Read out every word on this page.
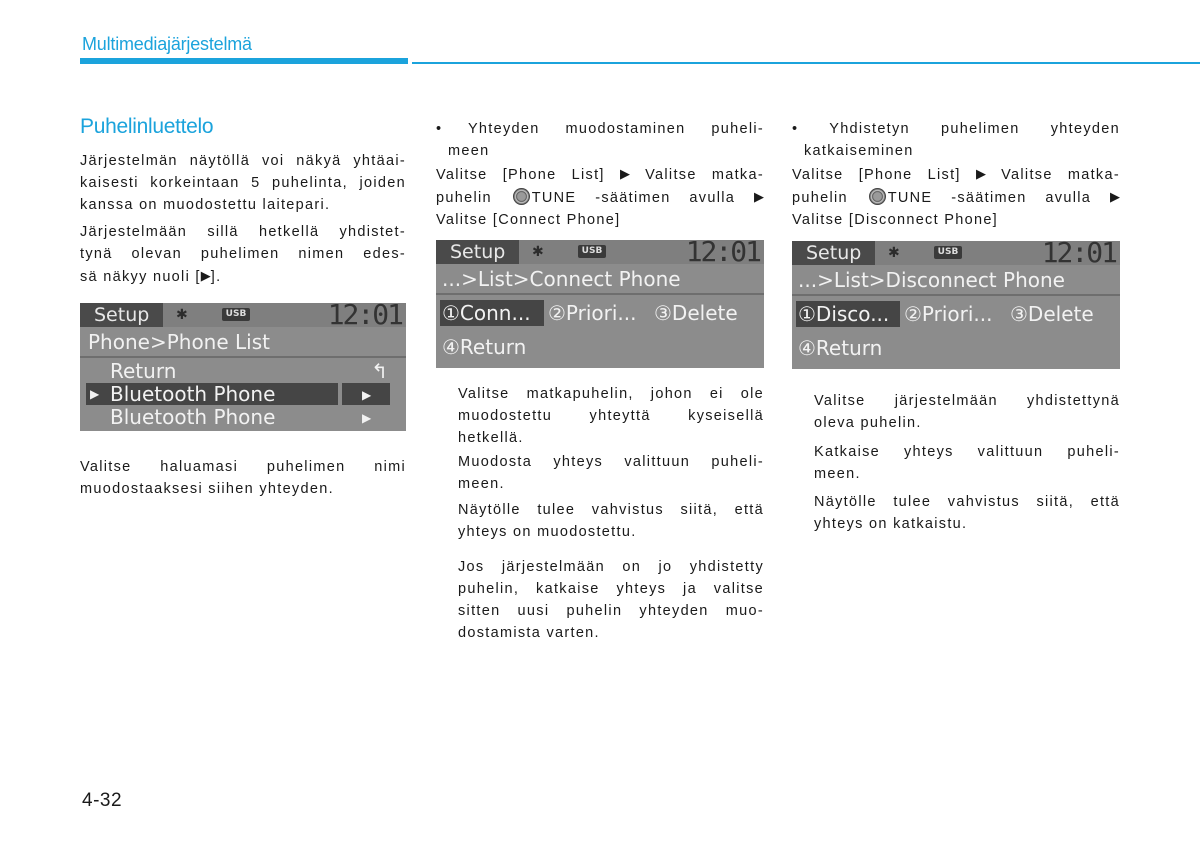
Multimediajärjestelmä
Puhelinluettelo

Järjestelmän näytöllä voi näkyä yhtäai-

kaisesti korkeintaan 5 puhelinta, joiden

kanssa on muodostettu laitepari.

Järjestelmään sillä hetkellä yhdistet-

tynä olevan puhelimen nimen edes-

sä näkyy nuoli [▶].

Setup	✱	USB	12:01
Phone>Phone List
Return	↰
▶ Bluetooth Phone	▶
Bluetooth Phone	▶

Valitse haluamasi puhelimen nimi

muodostaaksesi siihen yhteyden.

• Yhteyden muodostaminen puheli-

meen

Valitse [Phone List] ▶ Valitse matka-

puhelin	TUNE -säätimen avulla ▶

Valitse [Connect Phone]

Setup	✱	USB	12:01
...>List>Connect Phone
①Conn... ②Priori... ③Delete
④Return

Valitse matkapuhelin, johon ei ole

muodostettu yhteyttä kyseisellä

hetkellä.

Muodosta yhteys valittuun puheli-

meen.

Näytölle tulee vahvistus siitä, että

yhteys on muodostettu.

Jos järjestelmään on jo yhdistetty

puhelin, katkaise yhteys ja valitse

sitten uusi puhelin yhteyden muo-

dostamista varten.

• Yhdistetyn puhelimen yhteyden

katkaiseminen

Valitse [Phone List] ▶ Valitse matka-

puhelin	TUNE -säätimen avulla ▶

Valitse [Disconnect Phone]

Setup	✱	USB	12:01
...>List>Disconnect Phone
①Disco... ②Priori... ③Delete
④Return

Valitse järjestelmään yhdistettynä

oleva puhelin.

Katkaise yhteys valittuun puheli-

meen.

Näytölle tulee vahvistus siitä, että

yhteys on katkaistu.

4-32
